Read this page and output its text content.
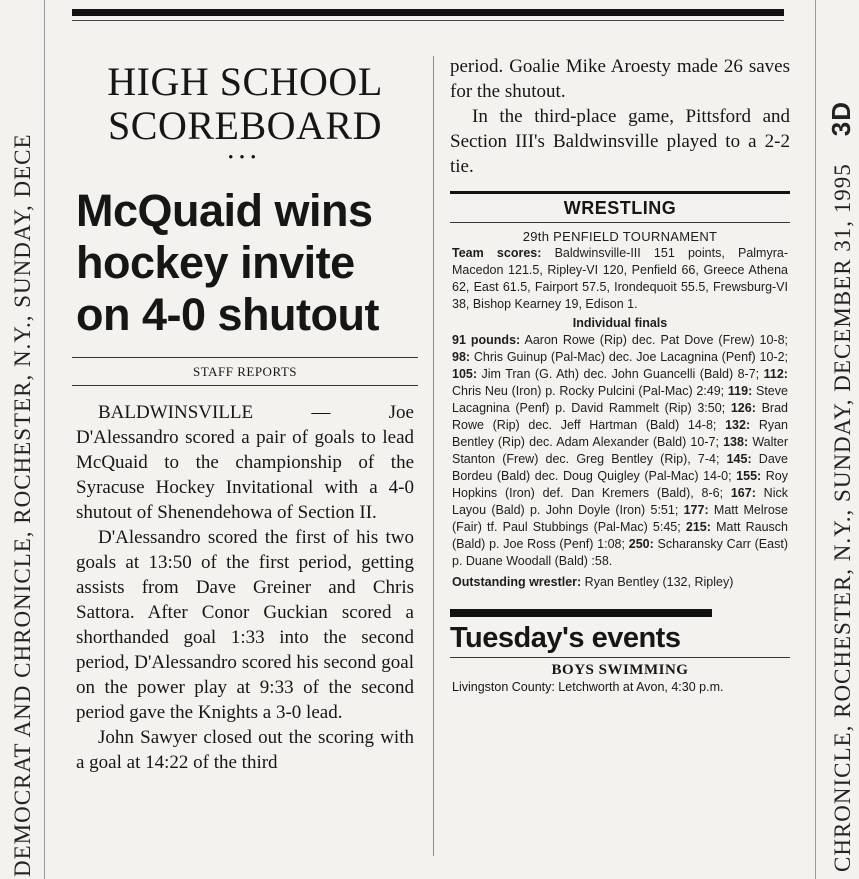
DEMOCRAT AND CHRONICLE, ROCHESTER, N.Y., SUNDAY, DECE	CHRONICLE, ROCHESTER, N.Y., SUNDAY, DECEMBER 31, 1995    3D
HIGH SCHOOL
SCOREBOARD
•••
McQuaid wins
hockey invite
on 4-0 shutout
STAFF REPORTS

BALDWINSVILLE — Joe D'Alessandro scored a pair of goals to lead McQuaid to the championship of the Syracuse Hockey Invitational with a 4-0 shutout of Shenendehowa of Section II.

D'Alessandro scored the first of his two goals at 13:50 of the first period, getting assists from Dave Greiner and Chris Sattora. After Conor Guckian scored a shorthanded goal 1:33 into the second period, D'Alessandro scored his second goal on the power play at 9:33 of the second period gave the Knights a 3-0 lead.

John Sawyer closed out the scoring with a goal at 14:22 of the third

period. Goalie Mike Aroesty made 26 saves for the shutout.

In the third-place game, Pittsford and Section III's Baldwinsville played to a 2-2 tie.

WRESTLING
29th PENFIELD TOURNAMENT
Team scores: Baldwinsville-III 151 points, Palmyra-Macedon 121.5, Ripley-VI 120, Penfield 66, Greece Athena 62, East 61.5, Fairport 57.5, Irondequoit 55.5, Frewsburg-VI 38, Bishop Kearney 19, Edison 1.
Individual finals
91 pounds: Aaron Rowe (Rip) dec. Pat Dove (Frew) 10-8; 98: Chris Guinup (Pal-Mac) dec. Joe Lacagnina (Penf) 10-2; 105: Jim Tran (G. Ath) dec. John Guancelli (Bald) 8-7; 112: Chris Neu (Iron) p. Rocky Pulcini (Pal-Mac) 2:49; 119: Steve Lacagnina (Penf) p. David Rammelt (Rip) 3:50; 126: Brad Rowe (Rip) dec. Jeff Hartman (Bald) 14-8; 132: Ryan Bentley (Rip) dec. Adam Alexander (Bald) 10-7; 138: Walter Stanton (Frew) dec. Greg Bentley (Rip), 7-4; 145: Dave Bordeu (Bald) dec. Doug Quigley (Pal-Mac) 14-0; 155: Roy Hopkins (Iron) def. Dan Kremers (Bald), 8-6; 167: Nick Layou (Bald) p. John Doyle (Iron) 5:51; 177: Matt Melrose (Fair) tf. Paul Stubbings (Pal-Mac) 5:45; 215: Matt Rausch (Bald) p. Joe Ross (Penf) 1:08; 250: Scharansky Carr (East) p. Duane Woodall (Bald) :58.
Outstanding wrestler: Ryan Bentley (132, Ripley)
Tuesday's events
BOYS SWIMMING
Livingston County: Letchworth at Avon, 4:30 p.m.
